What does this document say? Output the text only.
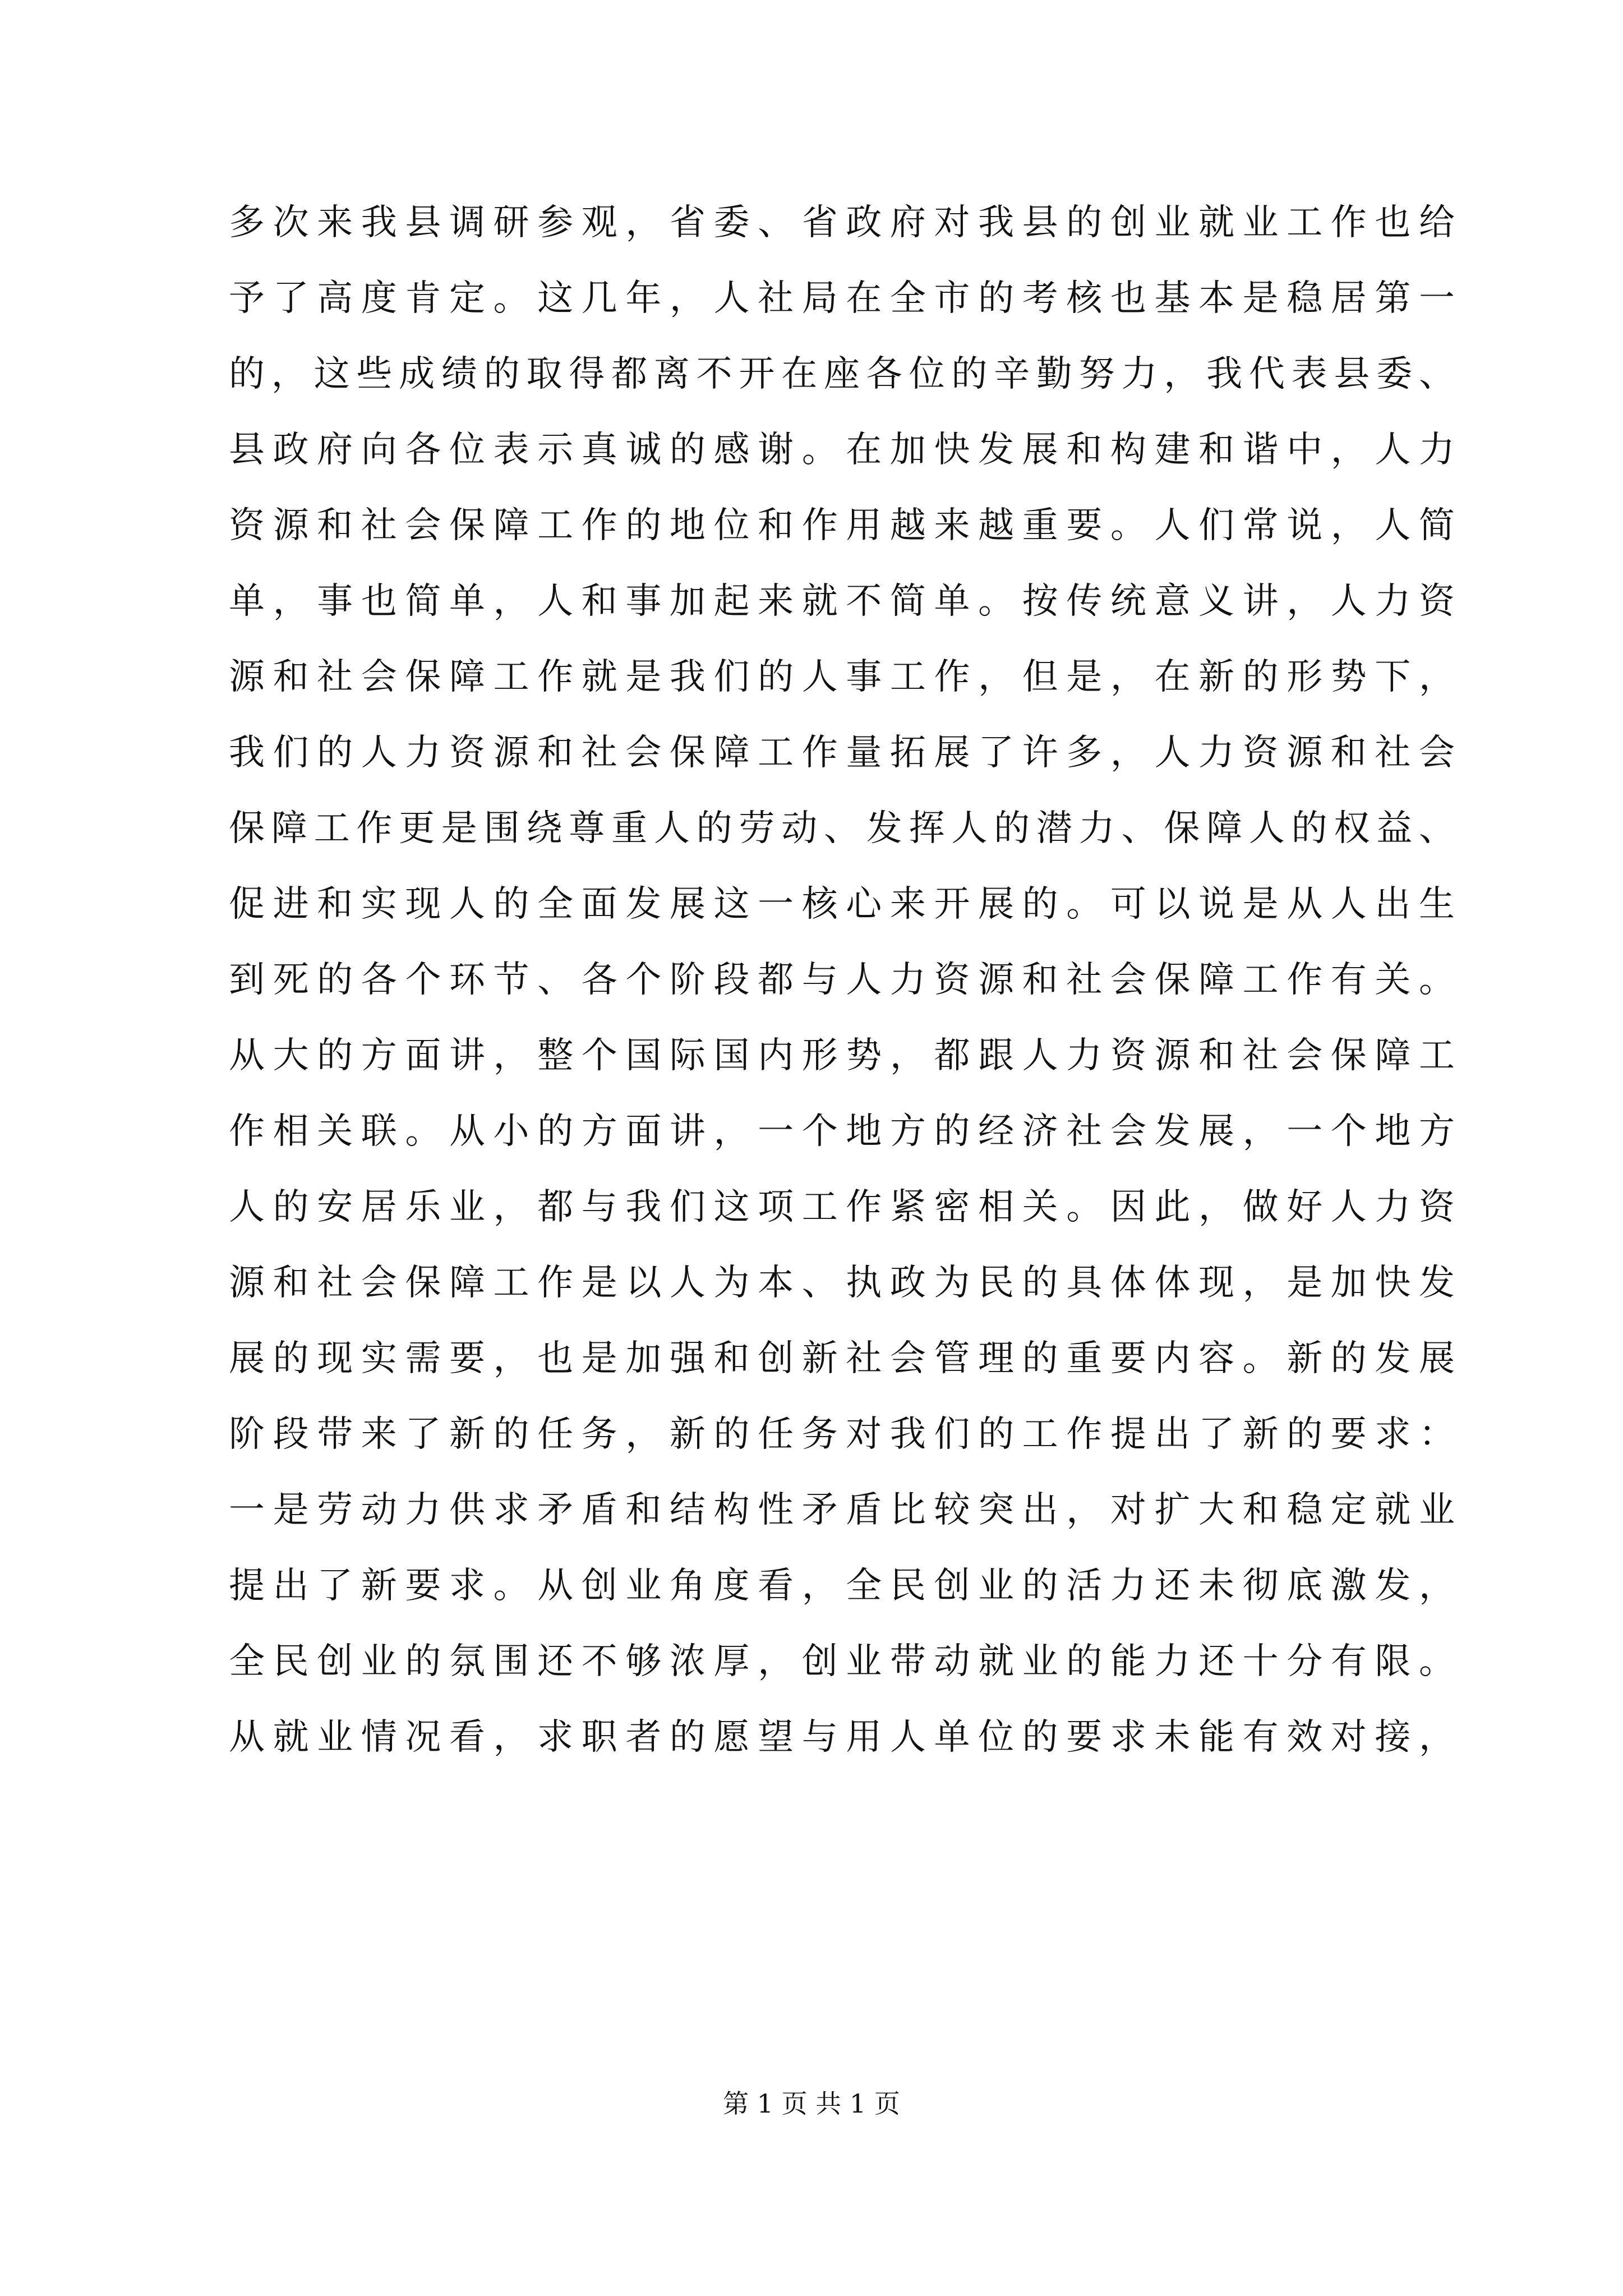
多次来我县调研参观，省委、省政府对我县的创业就业工作也给
予了高度肯定。这几年，人社局在全市的考核也基本是稳居第一
的，这些成绩的取得都离不开在座各位的辛勤努力，我代表县委、
县政府向各位表示真诚的感谢。在加快发展和构建和谐中，人力
资源和社会保障工作的地位和作用越来越重要。人们常说，人简
单，事也简单，人和事加起来就不简单。按传统意义讲，人力资
源和社会保障工作就是我们的人事工作，但是，在新的形势下，
我们的人力资源和社会保障工作量拓展了许多，人力资源和社会
保障工作更是围绕尊重人的劳动、发挥人的潜力、保障人的权益、
促进和实现人的全面发展这一核心来开展的。可以说是从人出生
到死的各个环节、各个阶段都与人力资源和社会保障工作有关。
从大的方面讲，整个国际国内形势，都跟人力资源和社会保障工
作相关联。从小的方面讲，一个地方的经济社会发展，一个地方
人的安居乐业，都与我们这项工作紧密相关。因此，做好人力资
源和社会保障工作是以人为本、执政为民的具体体现，是加快发
展的现实需要，也是加强和创新社会管理的重要内容。新的发展
阶段带来了新的任务，新的任务对我们的工作提出了新的要求：
一是劳动力供求矛盾和结构性矛盾比较突出，对扩大和稳定就业
提出了新要求。从创业角度看，全民创业的活力还未彻底激发，
全民创业的氛围还不够浓厚，创业带动就业的能力还十分有限。
从就业情况看，求职者的愿望与用人单位的要求未能有效对接，
第 1 页 共 1 页
